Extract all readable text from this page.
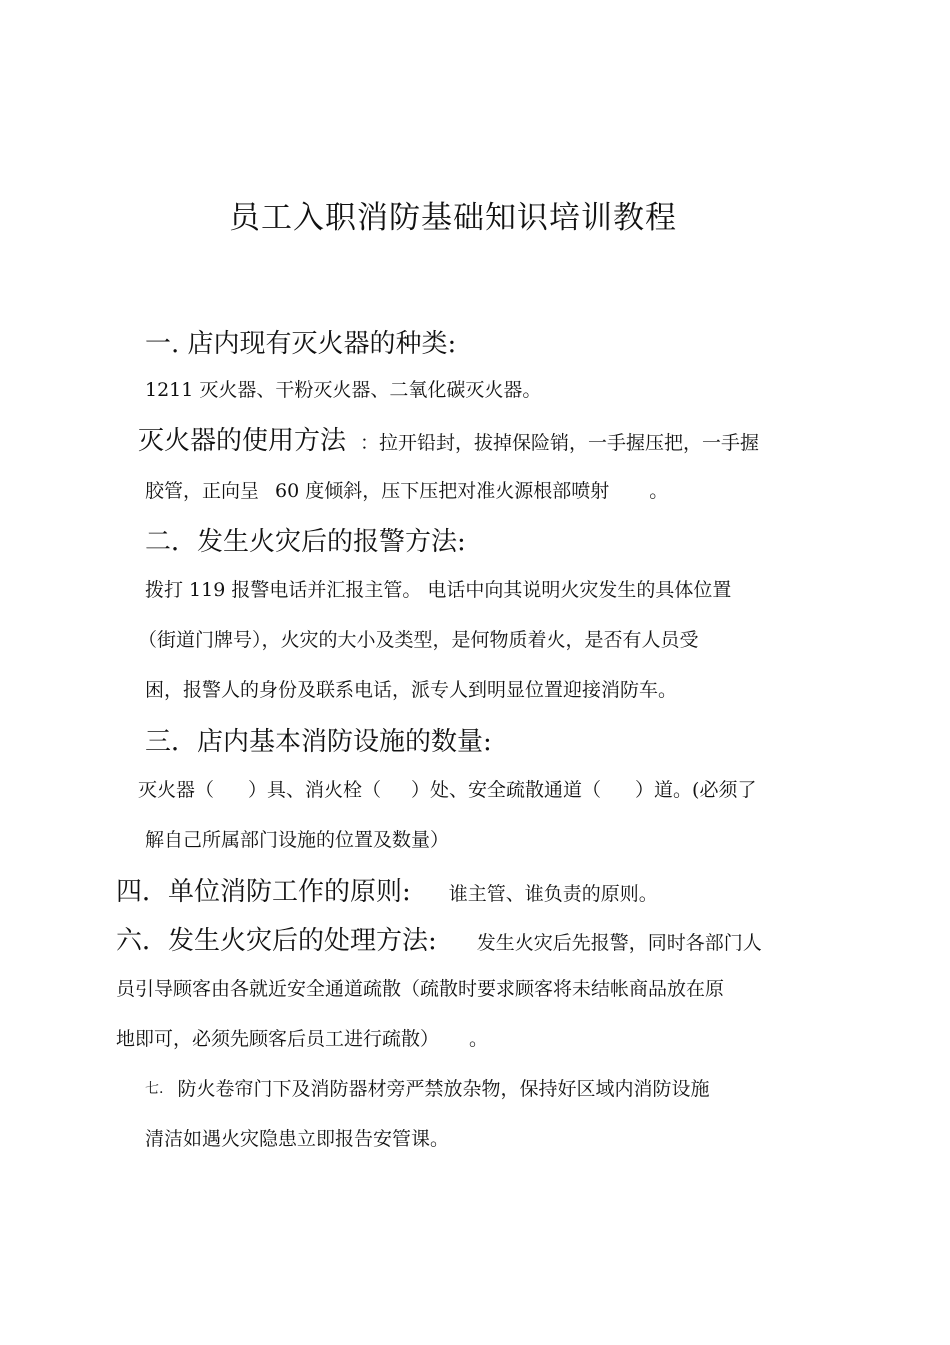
员工入职消防基础知识培训教程
一. 店内现有灭火器的种类:
1211 灭火器、干粉灭火器、二氧化碳灭火器。
灭火器的使用方法 ：拉开铅封，拔掉保险销，一手握压把，一手握
胶管，正向呈 60 度倾斜，压下压把对准火源根部喷射 。
二．发生火灾后的报警方法:
拨打 119 报警电话并汇报主管。 电话中向其说明火灾发生的具体位置
（街道门牌号），火灾的大小及类型，是何物质着火，是否有人员受
困，报警人的身份及联系电话，派专人到明显位置迎接消防车。
三．店内基本消防设施的数量:
灭火器（ ）具、消火栓（ ）处、安全疏散通道（ ）道。(必须了
解自己所属部门设施的位置及数量）
四．单位消防工作的原则: 谁主管、谁负责的原则。
六．发生火灾后的处理方法: 发生火灾后先报警，同时各部门人
员引导顾客由各就近安全通道疏散（疏散时要求顾客将未结帐商品放在原
地即可，必须先顾客后员工进行疏散） 。
七. 防火卷帘门下及消防器材旁严禁放杂物，保持好区域内消防设施
清洁如遇火灾隐患立即报告安管课。
